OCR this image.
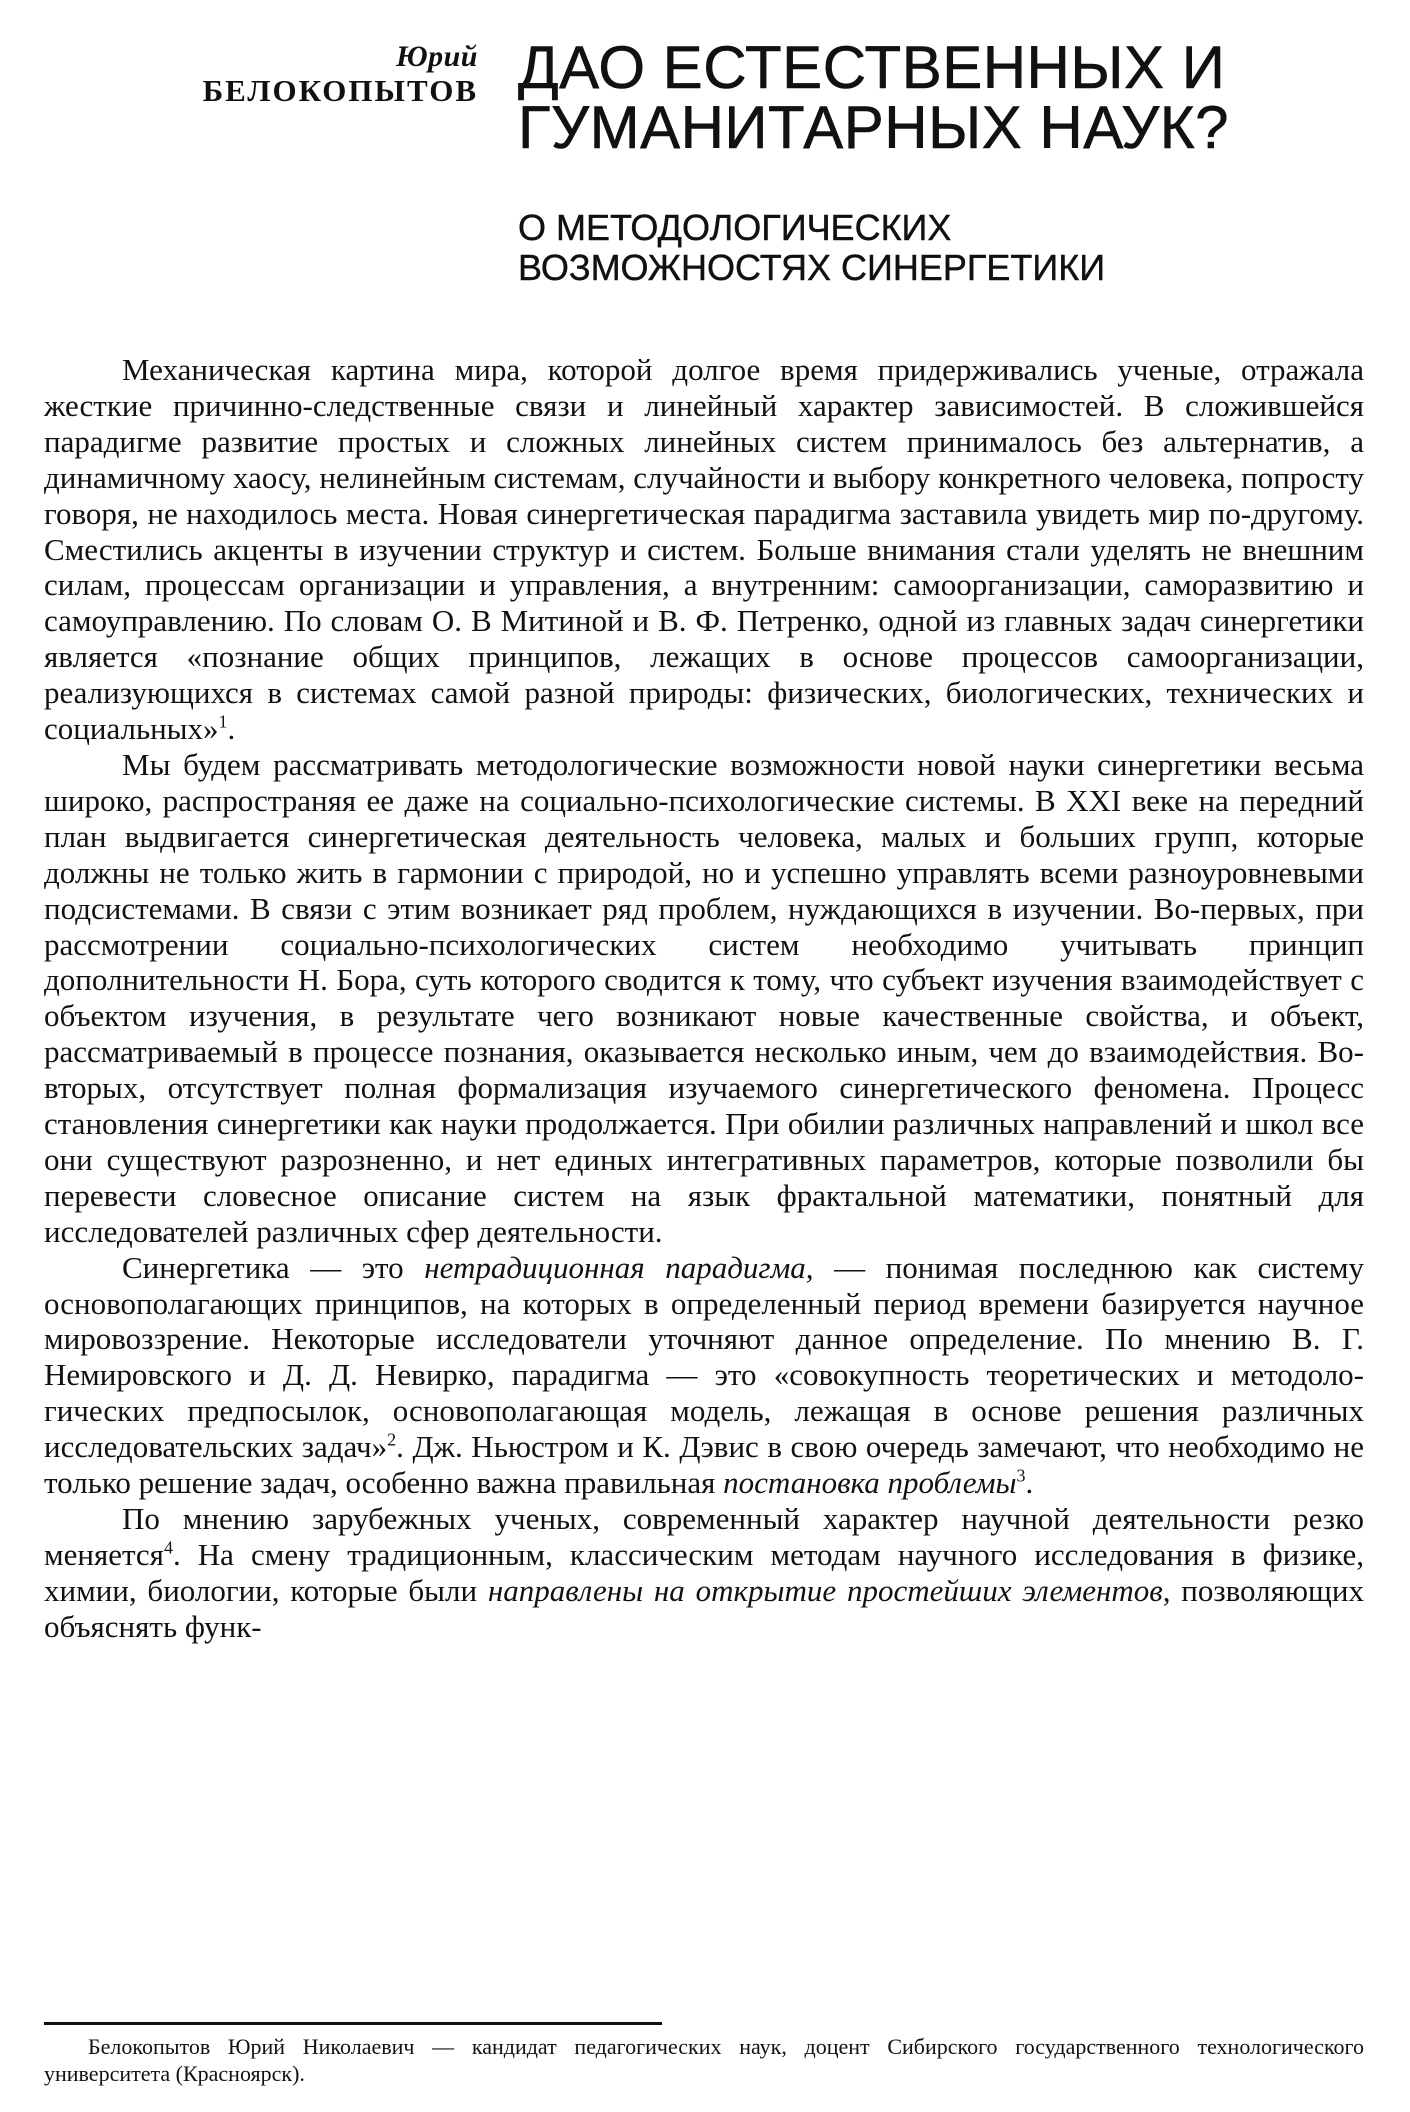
Юрий
БЕЛОКОПЫТОВ ДАО ЕСТЕСТВЕННЫХ И
ГУМАНИТАРНЫХ НАУК?
О МЕТОДОЛОГИЧЕСКИХ
ВОЗМОЖНОСТЯХ СИНЕРГЕТИКИ

Механическая картина мира, которой долгое время придерживались ученые, отражала жесткие причинно-следственные связи и линейный характер зависимостей. В сложившейся парадигме развитие простых и сложных линейных систем принималось без альтернатив, а динамичному хаосу, нелинейным системам, случайности и выбору конкретного человека, попросту говоря, не находилось места. Новая синергетическая парадигма заставила увидеть мир по-другому. Сместились акценты в изучении структур и систем. Больше внимания стали уделять не внешним силам, процессам организации и управления, а внутренним: самоорганизации, саморазвитию и самоуправлению. По словам О. В Митиной и В. Ф. Петренко, одной из главных задач синергетики является «познание общих принципов, лежащих в основе процессов самоорганизации, реализующихся в системах самой разной природы: физических, биологических, технических и социальных»$^1$.

Мы будем рассматривать методологические возможности новой науки синергетики весьма широко, распространяя ее даже на социально-психологические системы. В XXI веке на передний план выдвигается синергетическая деятельность человека, малых и больших групп, которые должны не только жить в гармонии с природой, но и успешно управлять всеми разноуровневыми подсистемами. В связи с этим возникает ряд проблем, нуждающихся в изучении. Во-первых, при рассмотрении социально-психологических систем необходимо учитывать принцип дополнительности Н. Бора, суть которого сводится к тому, что субъект изучения взаимодействует с объектом изучения, в результате чего возникают новые качественные свойства, и объект, рассматриваемый в процессе познания, оказывается несколько иным, чем до взаимодействия. Во-вторых, отсутствует полная формализация изучаемого синергетического феномена. Процесс становления синергетики как науки продолжается. При обилии различных направлений и школ все они существуют разрозненно, и нет единых интегративных параметров, которые позволили бы перевести словесное описание систем на язык фрактальной математики, понятный для исследователей различных сфер деятельности.

Синергетика — это нетрадиционная парадигма, — понимая последнюю как систему основополагающих принципов, на которых в определенный период времени базируется научное мировоззрение. Некоторые исследователи уточняют данное определение. По мнению В. Г. Немировского и Д. Д. Невирко, парадигма — это «совокупность теоретических и методологических предпосылок, основополагающая модель, лежащая в основе решения различных исследовательских задач»$^2$. Дж. Ньюстром и К. Дэвис в свою очередь замечают, что необходимо не только решение задач, особенно важна правильная постановка проблемы$^3$.

По мнению зарубежных ученых, современный характер научной деятельности резко меняется$^4$. На смену традиционным, классическим методам научного исследования в физике, химии, биологии, которые были направлены на открытие простейших элементов, позволяющих объяснять функ-

Белокопытов Юрий Николаевич — кандидат педагогических наук, доцент Сибирского государственного технологического университета (Красноярск).
